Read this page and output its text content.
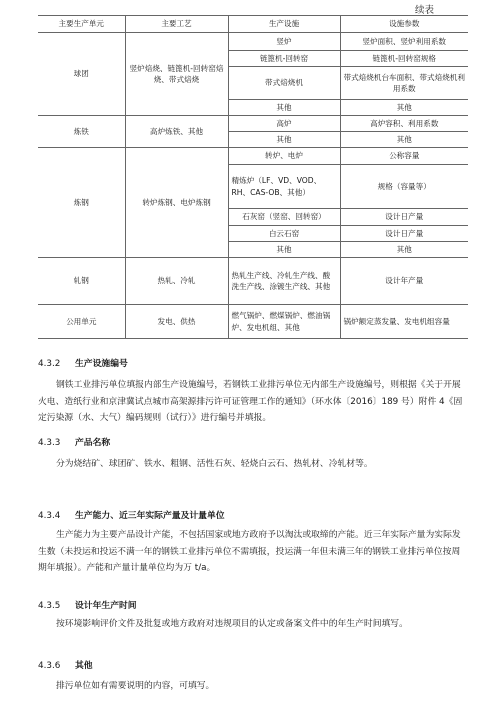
续表
主要生产单元	主要工艺	生产设施	设施参数
球团	竖炉焙烧、链篦机-回转窑焙烧、带式焙烧	竖炉	竖炉面积、竖炉利用系数
		链篦机-回转窑	链篦机-回转窑规格
		带式焙烧机	带式焙烧机台车面积、带式焙烧机利用系数
		其他	其他
炼铁	高炉炼铁、其他	高炉	高炉容积、利用系数
		其他	其他
炼钢	转炉炼钢、电炉炼钢	转炉、电炉	公称容量
		精炼炉（LF、VD、VOD、RH、CAS-OB、其他）	规格（容量等）
		石灰窑（竖窑、回转窑）	设计日产量
		白云石窑	设计日产量
		其他	其他
轧钢	热轧、冷轧	热轧生产线、冷轧生产线、酸洗生产线、涂镀生产线、其他	设计年产量
公用单元	发电、供热	燃气锅炉、燃煤锅炉、燃油锅炉、发电机组、其他	锅炉额定蒸发量、发电机组容量
4.3.2 生产设施编号

钢铁工业排污单位填报内部生产设施编号，若钢铁工业排污单位无内部生产设施编号，则根据《关于开展火电、造纸行业和京津冀试点城市高架源排污许可证管理工作的通知》（环水体〔2016〕189 号）附件 4《固定污染源（水、大气）编码规则（试行）》进行编号并填报。

4.3.3 产品名称

分为烧结矿、球团矿、铁水、粗钢、活性石灰、轻烧白云石、热轧材、冷轧材等。

4.3.4 生产能力、近三年实际产量及计量单位

生产能力为主要产品设计产能，不包括国家或地方政府予以淘汰或取缔的产能。近三年实际产量为实际发生数（未投运和投运不满一年的钢铁工业排污单位不需填报，投运满一年但未满三年的钢铁工业排污单位按周期年填报）。产能和产量计量单位均为万 t/a。

4.3.5 设计年生产时间

按环境影响评价文件及批复或地方政府对违规项目的认定或备案文件中的年生产时间填写。

4.3.6 其他

排污单位如有需要说明的内容，可填写。
